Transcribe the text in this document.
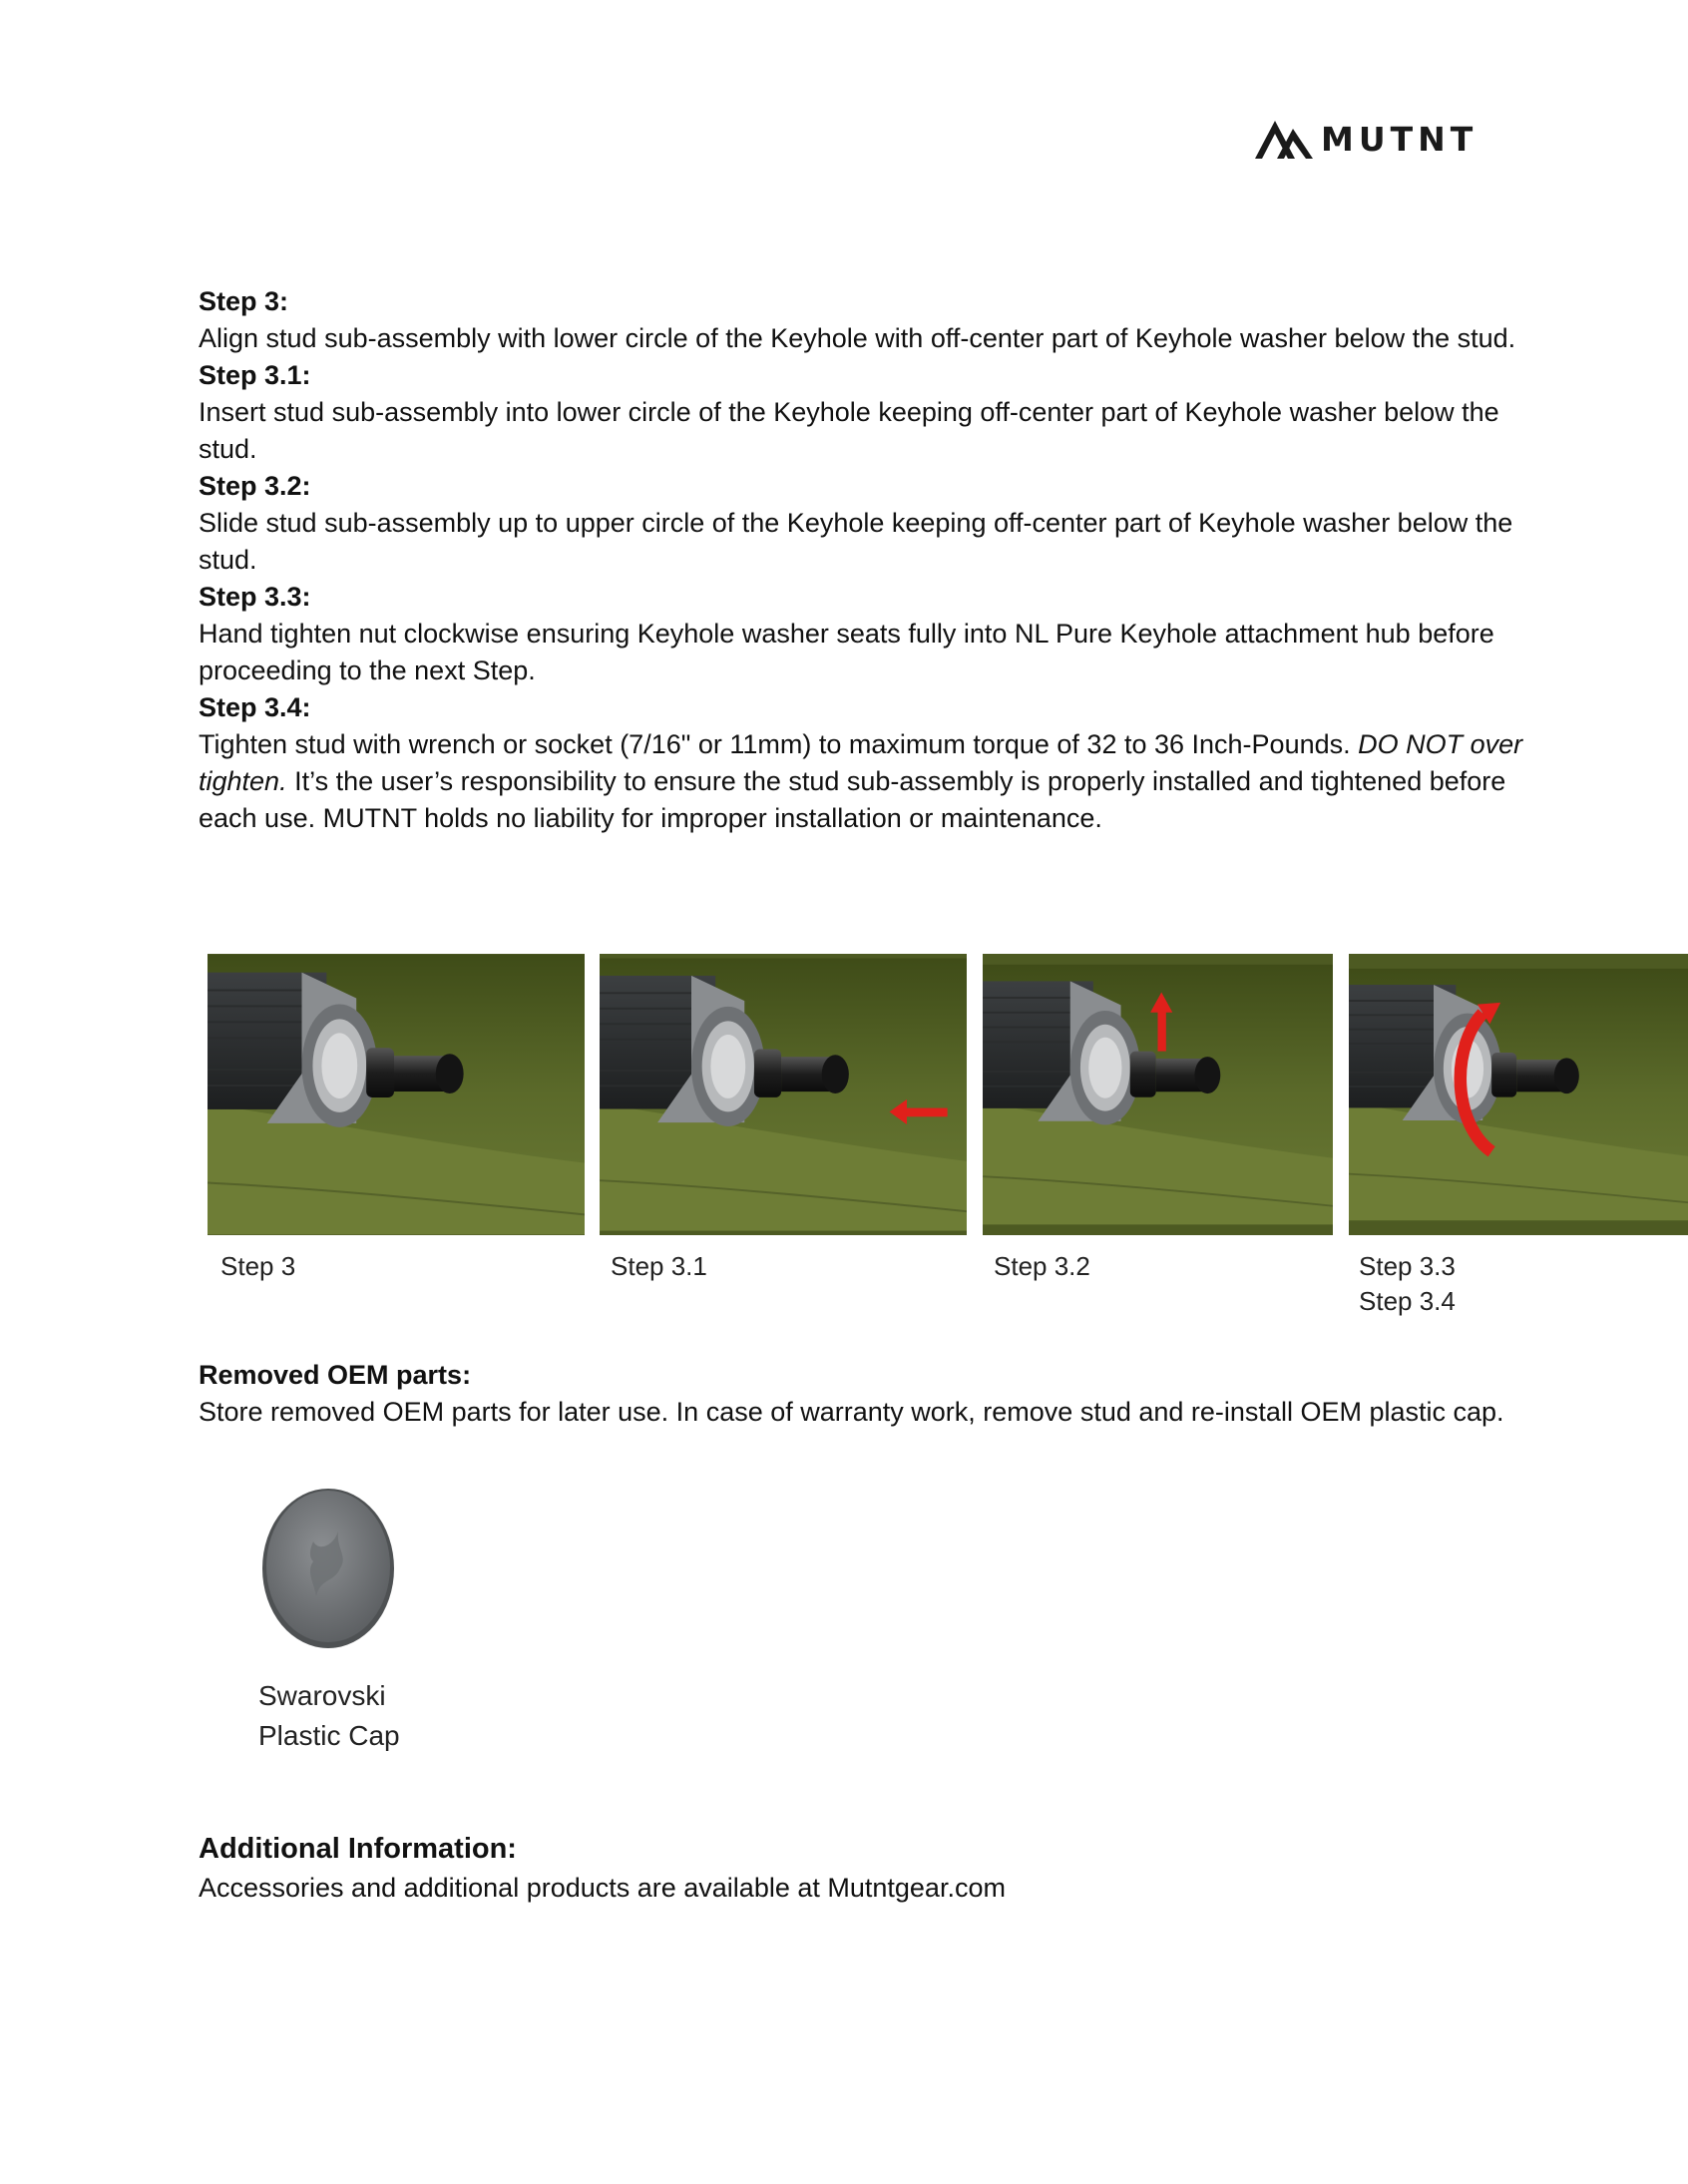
MUTNT

Step 3:

Align stud sub-assembly with lower circle of the Keyhole with off-center part of Keyhole washer below the stud.

Step 3.1:

Insert stud sub-assembly into lower circle of the Keyhole keeping off-center part of Keyhole washer below the stud.

Step 3.2:

Slide stud sub-assembly up to upper circle of the Keyhole keeping off-center part of Keyhole washer below the stud.

Step 3.3:

Hand tighten nut clockwise ensuring Keyhole washer seats fully into NL Pure Keyhole attachment hub before proceeding to the next Step.

Step 3.4:

Tighten stud with wrench or socket (7/16" or 11mm) to maximum torque of 32 to 36 Inch-Pounds. DO NOT over tighten. It’s the user’s responsibility to ensure the stud sub-assembly is properly installed and tightened before each use. MUTNT holds no liability for improper installation or maintenance.

Step 3	Step 3.1	Step 3.2	Step 3.3
Step 3.4
Removed OEM parts:
Store removed OEM parts for later use. In case of warranty work, remove stud and re-install OEM plastic cap.
Swarovski
Plastic Cap
Additional Information:
Accessories and additional products are available at Mutntgear.com
